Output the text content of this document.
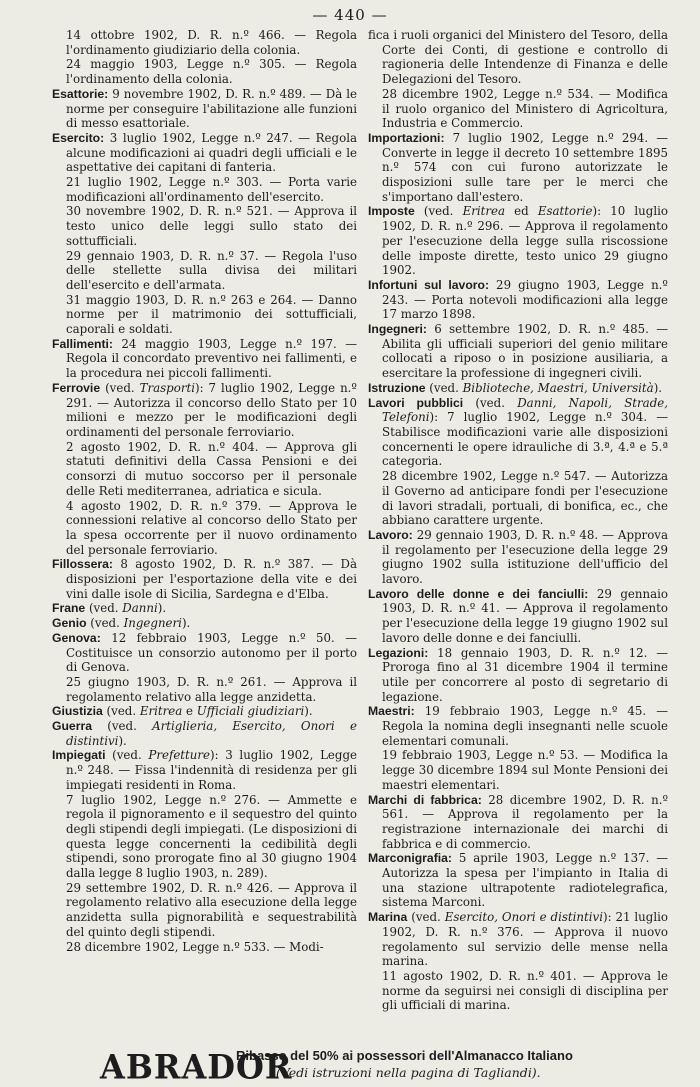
— 440 —

14 ottobre 1902, D. R. n.º 466. — Regola l'ordinamento giudiziario della colonia.

24 maggio 1903, Legge n.º 305. — Regola l'ordinamento della colonia.

Esattorie: 9 novembre 1902, D. R. n.º 489. — Dà le norme per conseguire l'abilitazione alle funzioni di messo esattoriale.

Esercito: 3 luglio 1902, Legge n.º 247. — Regola alcune modificazioni ai quadri degli ufficiali e le aspettative dei capitani di fanteria.

21 luglio 1902, Legge n.º 303. — Porta varie modificazioni all'ordinamento dell'esercito.

30 novembre 1902, D. R. n.º 521. — Approva il testo unico delle leggi sullo stato dei sottufficiali.

29 gennaio 1903, D. R. n.º 37. — Regola l'uso delle stellette sulla divisa dei militari dell'esercito e dell'armata.

31 maggio 1903, D. R. n.º 263 e 264. — Danno norme per il matrimonio dei sottufficiali, caporali e soldati.

Fallimenti: 24 maggio 1903, Legge n.º 197. — Regola il concordato preventivo nei fallimenti, e la procedura nei piccoli fallimenti.

Ferrovie (ved. Trasporti): 7 luglio 1902, Legge n.º 291. — Autorizza il concorso dello Stato per 10 milioni e mezzo per le modificazioni degli ordinamenti del personale ferroviario.

2 agosto 1902, D. R. n.º 404. — Approva gli statuti definitivi della Cassa Pensioni e dei consorzi di mutuo soccorso per il personale delle Reti mediterranea, adriatica e sicula.

4 agosto 1902, D. R. n.º 379. — Approva le connessioni relative al concorso dello Stato per la spesa occorrente per il nuovo ordinamento del personale ferroviario.

Fillossera: 8 agosto 1902, D. R. n.º 387. — Dà disposizioni per l'esportazione della vite e dei vini dalle isole di Sicilia, Sardegna e d'Elba.

Frane (ved. Danni).

Genio (ved. Ingegneri).

Genova: 12 febbraio 1903, Legge n.º 50. — Costituisce un consorzio autonomo per il porto di Genova.

25 giugno 1903, D. R. n.º 261. — Approva il regolamento relativo alla legge anzidetta.

Giustizia (ved. Eritrea e Ufficiali giudiziari).

Guerra (ved. Artiglieria, Esercito, Onori e distintivi).

Impiegati (ved. Prefetture): 3 luglio 1902, Legge n.º 248. — Fissa l'indennità di residenza per gli impiegati residenti in Roma.

7 luglio 1902, Legge n.º 276. — Ammette e regola il pignoramento e il sequestro del quinto degli stipendi degli impiegati. (Le disposizioni di questa legge concernenti la cedibilità degli stipendi, sono prorogate fino al 30 giugno 1904 dalla legge 8 luglio 1903, n. 289).

29 settembre 1902, D. R. n.º 426. — Approva il regolamento relativo alla esecuzione della legge anzidetta sulla pignorabilità e sequestrabilità del quinto degli stipendi.

28 dicembre 1902, Legge n.º 533. — Modi-

fica i ruoli organici del Ministero del Tesoro, della Corte dei Conti, di gestione e controllo di ragioneria delle Intendenze di Finanza e delle Delegazioni del Tesoro.

28 dicembre 1902, Legge n.º 534. — Modifica il ruolo organico del Ministero di Agricoltura, Industria e Commercio.

Importazioni: 7 luglio 1902, Legge n.º 294. — Converte in legge il decreto 10 settembre 1895 n.º 574 con cui furono autorizzate le disposizioni sulle tare per le merci che s'importano dall'estero.

Imposte (ved. Eritrea ed Esattorie): 10 luglio 1902, D. R. n.º 296. — Approva il regolamento per l'esecuzione della legge sulla riscossione delle imposte dirette, testo unico 29 giugno 1902.

Infortuni sul lavoro: 29 giugno 1903, Legge n.º 243. — Porta notevoli modificazioni alla legge 17 marzo 1898.

Ingegneri: 6 settembre 1902, D. R. n.º 485. — Abilita gli ufficiali superiori del genio militare collocati a riposo o in posizione ausiliaria, a esercitare la professione di ingegneri civili.

Istruzione (ved. Biblioteche, Maestri, Università).

Lavori pubblici (ved. Danni, Napoli, Strade, Telefoni): 7 luglio 1902, Legge n.º 304. — Stabilisce modificazioni varie alle disposizioni concernenti le opere idrauliche di 3.ª, 4.ª e 5.ª categoria.

28 dicembre 1902, Legge n.º 547. — Autorizza il Governo ad anticipare fondi per l'esecuzione di lavori stradali, portuali, di bonifica, ec., che abbiano carattere urgente.

Lavoro: 29 gennaio 1903, D. R. n.º 48. — Approva il regolamento per l'esecuzione della legge 29 giugno 1902 sulla istituzione dell'ufficio del lavoro.

Lavoro delle donne e dei fanciulli: 29 gennaio 1903, D. R. n.º 41. — Approva il regolamento per l'esecuzione della legge 19 giugno 1902 sul lavoro delle donne e dei fanciulli.

Legazioni: 18 gennaio 1903, D. R. n.º 12. — Proroga fino al 31 dicembre 1904 il termine utile per concorrere al posto di segretario di legazione.

Maestri: 19 febbraio 1903, Legge n.º 45. — Regola la nomina degli insegnanti nelle scuole elementari comunali.

19 febbraio 1903, Legge n.º 53. — Modifica la legge 30 dicembre 1894 sul Monte Pensioni dei maestri elementari.

Marchi di fabbrica: 28 dicembre 1902, D. R. n.º 561. — Approva il regolamento per la registrazione internazionale dei marchi di fabbrica e di commercio.

Marconigrafia: 5 aprile 1903, Legge n.º 137. — Autorizza la spesa per l'impianto in Italia di una stazione ultrapotente radiotelegrafica, sistema Marconi.

Marina (ved. Esercito, Onori e distintivi): 21 luglio 1902, D. R. n.º 376. — Approva il nuovo regolamento sul servizio delle mense nella marina.

11 agosto 1902, D. R. n.º 401. — Approva le norme da seguirsi nei consigli di disciplina per gli ufficiali di marina.

ABRADOR
Ribasso del 50% ai possessori dell'Almanacco Italiano
(Vedi istruzioni nella pagina di Tagliandi).
